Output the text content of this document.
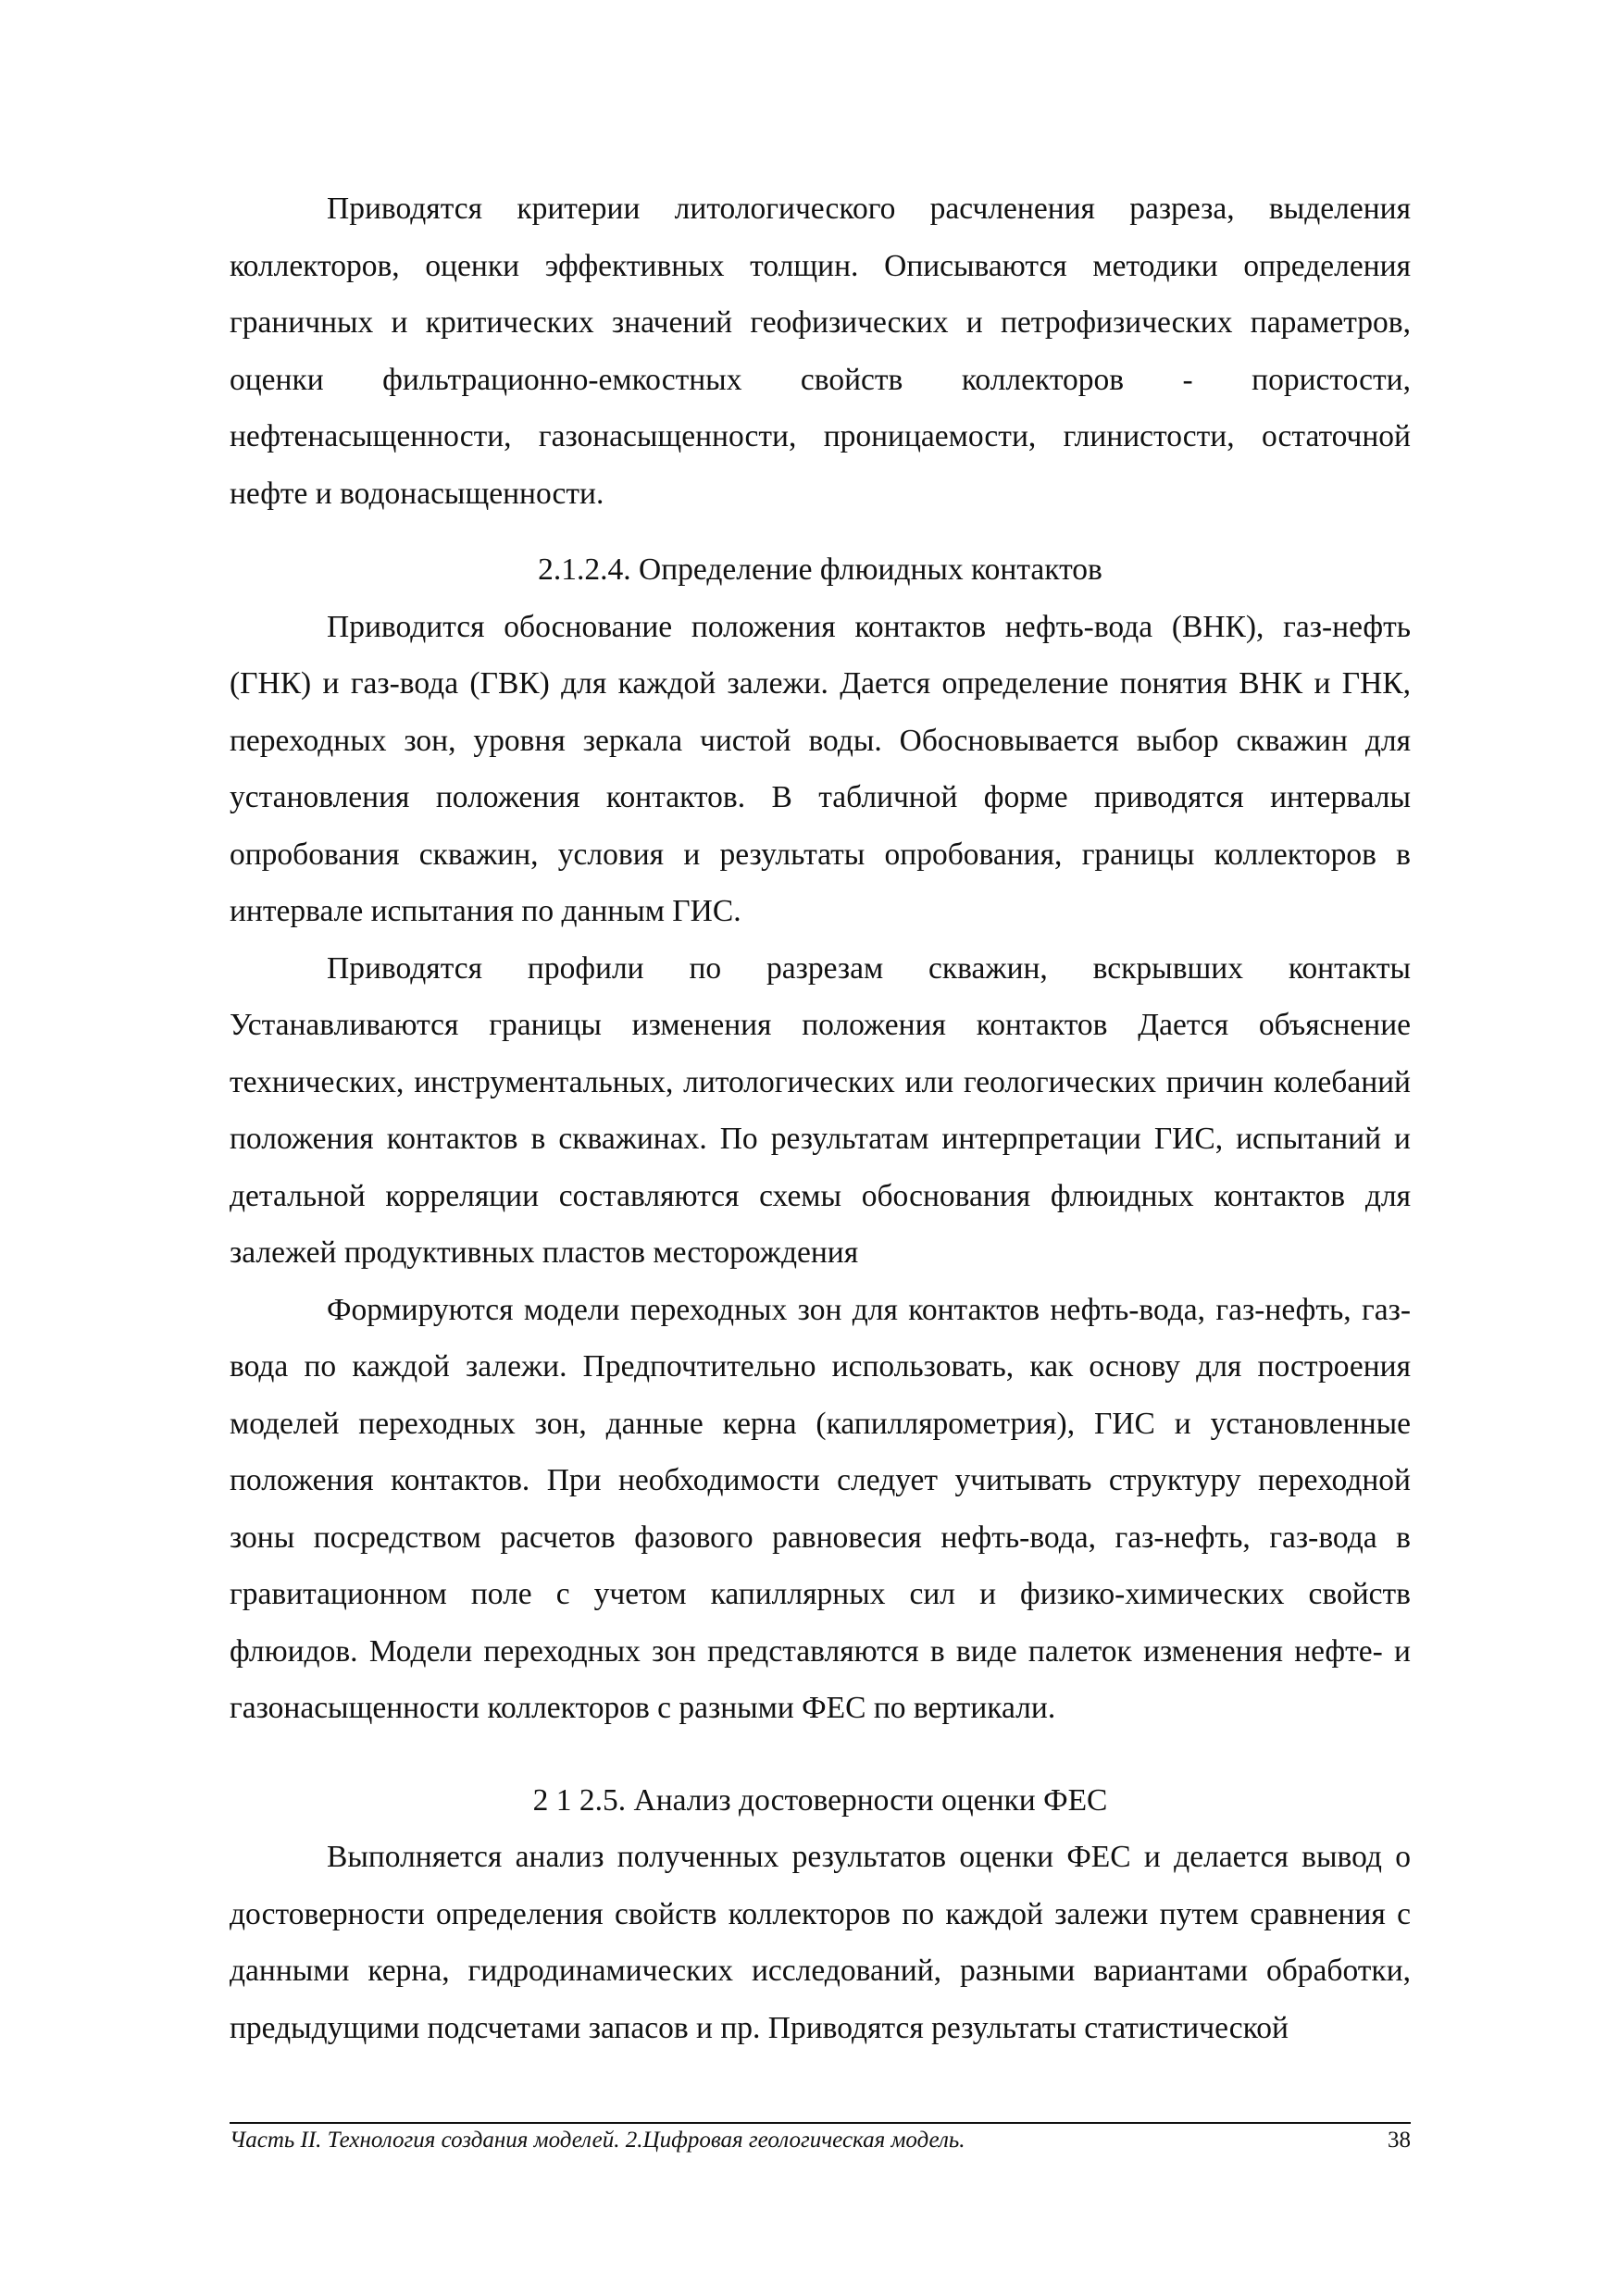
Приводятся критерии литологического расчленения разреза, выделения коллекторов, оценки эффективных толщин. Описываются методики определения граничных и критических значений геофизических и петрофизических параметров, оценки фильтрационно-емкостных свойств коллекторов - пористости, нефтенасыщенности, газонасыщенности, проницаемости, глинистости, остаточной нефте и водонасыщенности.

2.1.2.4. Определение флюидных контактов

Приводится обоснование положения контактов нефть-вода (ВНК), газ-нефть (ГНК) и газ-вода (ГВК) для каждой залежи. Дается определение понятия ВНК и ГНК, переходных зон, уровня зеркала чистой воды. Обосновывается выбор скважин для установления положения контактов. В табличной форме приводятся интервалы опробования скважин, условия и результаты опробования, границы коллекторов в интервале испытания по данным ГИС.

Приводятся профили по разрезам скважин, вскрывших контакты Устанавливаются границы изменения положения контактов Дается объяснение технических, инструментальных, литологических или геологических причин колебаний положения контактов в скважинах. По результатам интерпретации ГИС, испытаний и детальной корреляции составляются схемы обоснования флюидных контактов для залежей продуктивных пластов месторождения

Формируются модели переходных зон для контактов нефть-вода, газ-нефть, газ-вода по каждой залежи. Предпочтительно использовать, как основу для построения моделей переходных зон, данные керна (капиллярометрия), ГИС и установленные положения контактов. При необходимости следует учитывать структуру переходной зоны посредством расчетов фазового равновесия нефть-вода, газ-нефть, газ-вода в гравитационном поле с учетом капиллярных сил и физико-химических свойств флюидов. Модели переходных зон представляются в виде палеток изменения нефте- и газонасыщенности коллекторов с разными ФЕС по вертикали.

2 1 2.5. Анализ достоверности оценки ФЕС

Выполняется анализ полученных результатов оценки ФЕС и делается вывод о достоверности определения свойств коллекторов по каждой залежи путем сравнения с данными керна, гидродинамических исследований, разными вариантами обработки, предыдущими подсчетами запасов и пр. Приводятся результаты статистической

Часть II. Технология создания моделей. 2.Цифровая геологическая модель.	38
